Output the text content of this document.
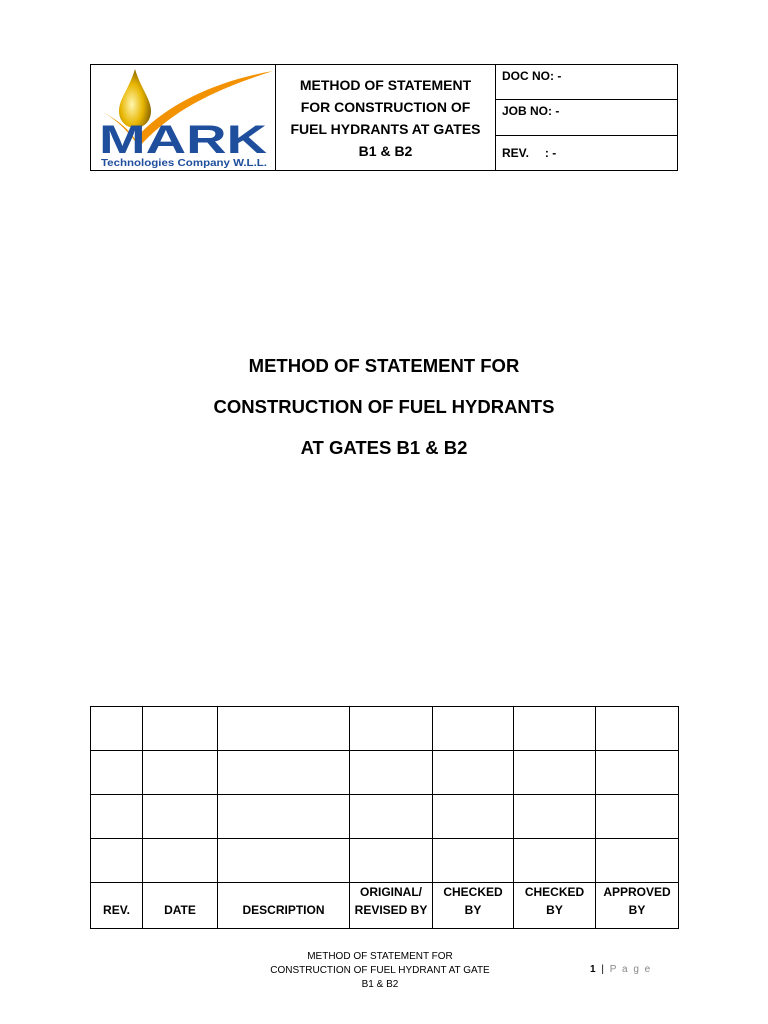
MARK
Technologies Company W.L.L.
METHOD OF STATEMENT FOR CONSTRUCTION OF FUEL HYDRANTS AT GATES B1 & B2
DOC NO: -
JOB NO: -
REV. : -
METHOD OF STATEMENT FOR
CONSTRUCTION OF FUEL HYDRANTS
AT GATES B1 & B2

REV.	DATE	DESCRIPTION	ORIGINAL/ REVISED BY	CHECKED BY	CHECKED BY	APPROVED BY
METHOD OF STATEMENT FOR
CONSTRUCTION OF FUEL HYDRANT AT GATE B1 & B2
1 | P a g e
